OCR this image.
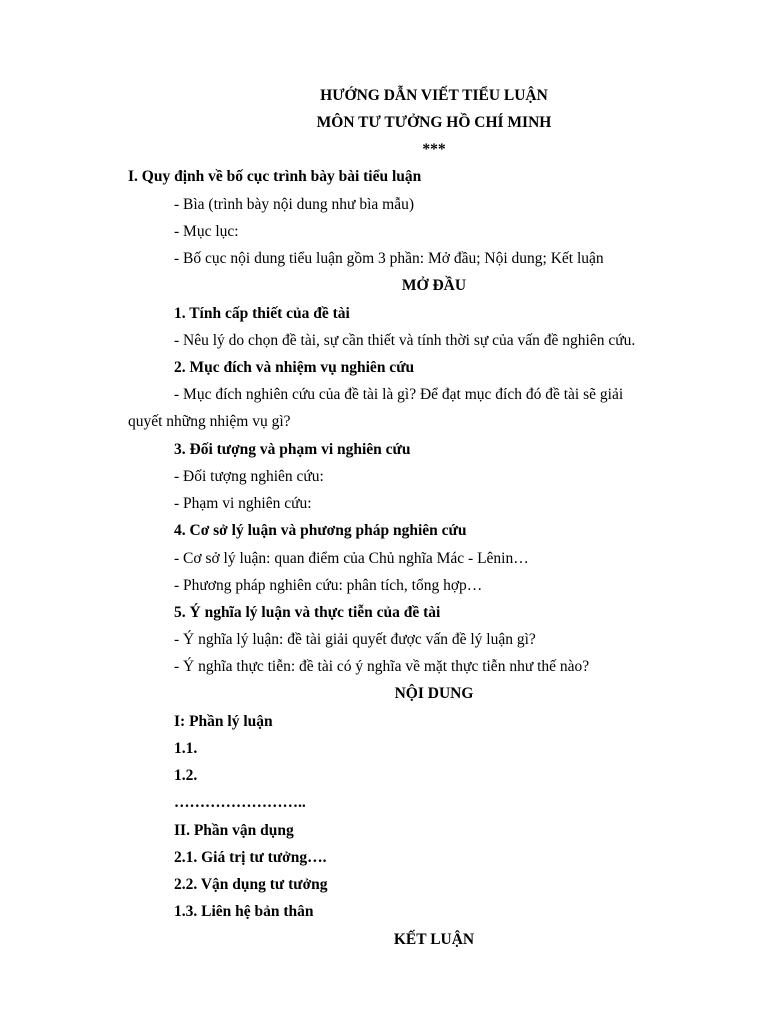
HƯỚNG DẪN VIẾT TIỂU LUẬN
MÔN TƯ TƯỞNG HỒ CHÍ MINH
***
I. Quy định về bố cục trình bày bài tiểu luận
- Bìa (trình bày nội dung như bìa mẫu)
- Mục lục:
- Bố cục nội dung tiểu luận gồm 3 phần: Mở đầu; Nội dung; Kết luận
MỞ ĐẦU
1. Tính cấp thiết của đề tài
- Nêu lý do chọn đề tài, sự cần thiết và tính thời sự của vấn đề nghiên cứu.
2. Mục đích và nhiệm vụ nghiên cứu
- Mục đích nghiên cứu của đề tài là gì? Để đạt mục đích đó đề tài sẽ giải
quyết những nhiệm vụ gì?
3. Đối tượng và phạm vi nghiên cứu
- Đối tượng nghiên cứu:
- Phạm vi nghiên cứu:
4. Cơ sở lý luận và phương pháp nghiên cứu
- Cơ sở lý luận: quan điểm của Chủ nghĩa Mác - Lênin…
- Phương pháp nghiên cứu: phân tích, tổng hợp…
5. Ý nghĩa lý luận và thực tiễn của đề tài
- Ý nghĩa lý luận: đề tài giải quyết được vấn đề lý luận gì?
- Ý nghĩa thực tiễn: đề tài có ý nghĩa về mặt thực tiễn như thế nào?
NỘI DUNG
I: Phần lý luận
1.1.
1.2.
……………………..
II. Phần vận dụng
2.1. Giá trị tư tưởng….
2.2. Vận dụng tư tưởng
1.3. Liên hệ bản thân
KẾT LUẬN
